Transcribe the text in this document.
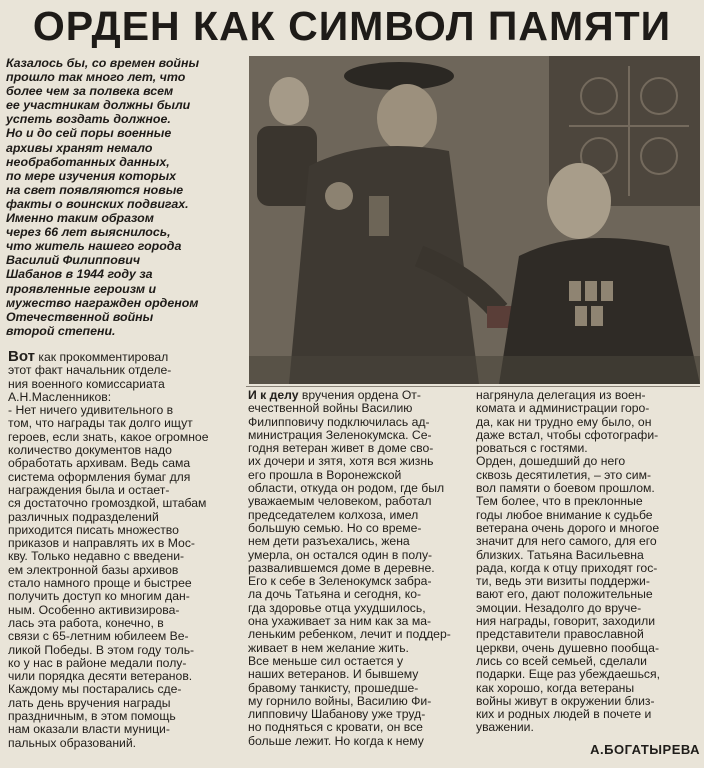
ОРДЕН КАК СИМВОЛ ПАМЯТИ
Казалось бы, со времен войны
прошло так много лет, что
более чем за полвека всем
ее участникам должны были
успеть воздать должное.
Но и до сей поры военные
архивы хранят немало
необработанных данных,
по мере изучения которых
на свет появляются новые
факты о воинских подвигах.
Именно таким образом
через 66 лет выяснилось,
что житель нашего города
Василий Филиппович
Шабанов в 1944 году за
проявленные героизм и
мужество награжден орденом
Отечественной войны
второй степени.
Вот как прокомментировал
этот факт начальник отделе-
ния военного комиссариата
А.Н.Масленников:
- Нет ничего удивительного в
том, что награды так долго ищут
героев, если знать, какое огромное
количество документов надо
обработать архивам. Ведь сама
система оформления бумаг для
награждения была и остает-
ся достаточно громоздкой, штабам
различных подразделений
приходится писать множество
приказов и направлять их в Мос-
кву. Только недавно с введени-
ем электронной базы архивов
стало намного проще и быстрее
получить доступ ко многим дан-
ным. Особенно активизирова-
лась эта работа, конечно, в
связи с 65-летним юбилеем Ве-
ликой Победы. В этом году толь-
ко у нас в районе медали полу-
чили порядка десяти ветеранов.
Каждому мы постарались сде-
лать день вручения награды
праздничным, в этом помощь
нам оказали власти муници-
пальных образований.
И к делу вручения ордена От-
ечественной войны Василию
Филипповичу подключилась ад-
министрация Зеленокумска. Се-
годня ветеран живет в доме сво-
их дочери и зятя, хотя вся жизнь
его прошла в Воронежской
области, откуда он родом, где был
уважаемым человеком, работал
председателем колхоза, имел
большую семью. Но со време-
нем дети разъехались, жена
умерла, он остался один в полу-
развалившемся доме в деревне.
Его к себе в Зеленокумск забра-
ла дочь Татьяна и сегодня, ко-
гда здоровье отца ухудшилось,
она ухаживает за ним как за ма-
леньким ребенком, лечит и поддер-
живает в нем желание жить.
Все меньше сил остается у
наших ветеранов. И бывшему
бравому танкисту, прошедше-
му горнило войны, Василию Фи-
липповичу Шабанову уже труд-
но подняться с кровати, он все
больше лежит. Но когда к нему
нагрянула делегация из воен-
комата и администрации горо-
да, как ни трудно ему было, он
даже встал, чтобы сфотографи-
роваться с гостями.
Орден, дошедший до него
сквозь десятилетия, – это сим-
вол памяти о боевом прошлом.
Тем более, что в преклонные
годы любое внимание к судьбе
ветерана очень дорого и многое
значит для него самого, для его
близких. Татьяна Васильевна
рада, когда к отцу приходят гос-
ти, ведь эти визиты поддержи-
вают его, дают положительные
эмоции. Незадолго до вруче-
ния награды, говорит, заходили
представители православной
церкви, очень душевно пообща-
лись со всей семьей, сделали
подарки. Еще раз убеждаешься,
как хорошо, когда ветераны
войны живут в окружении близ-
ких и родных людей в почете и
уважении.
А.БОГАТЫРЕВА
